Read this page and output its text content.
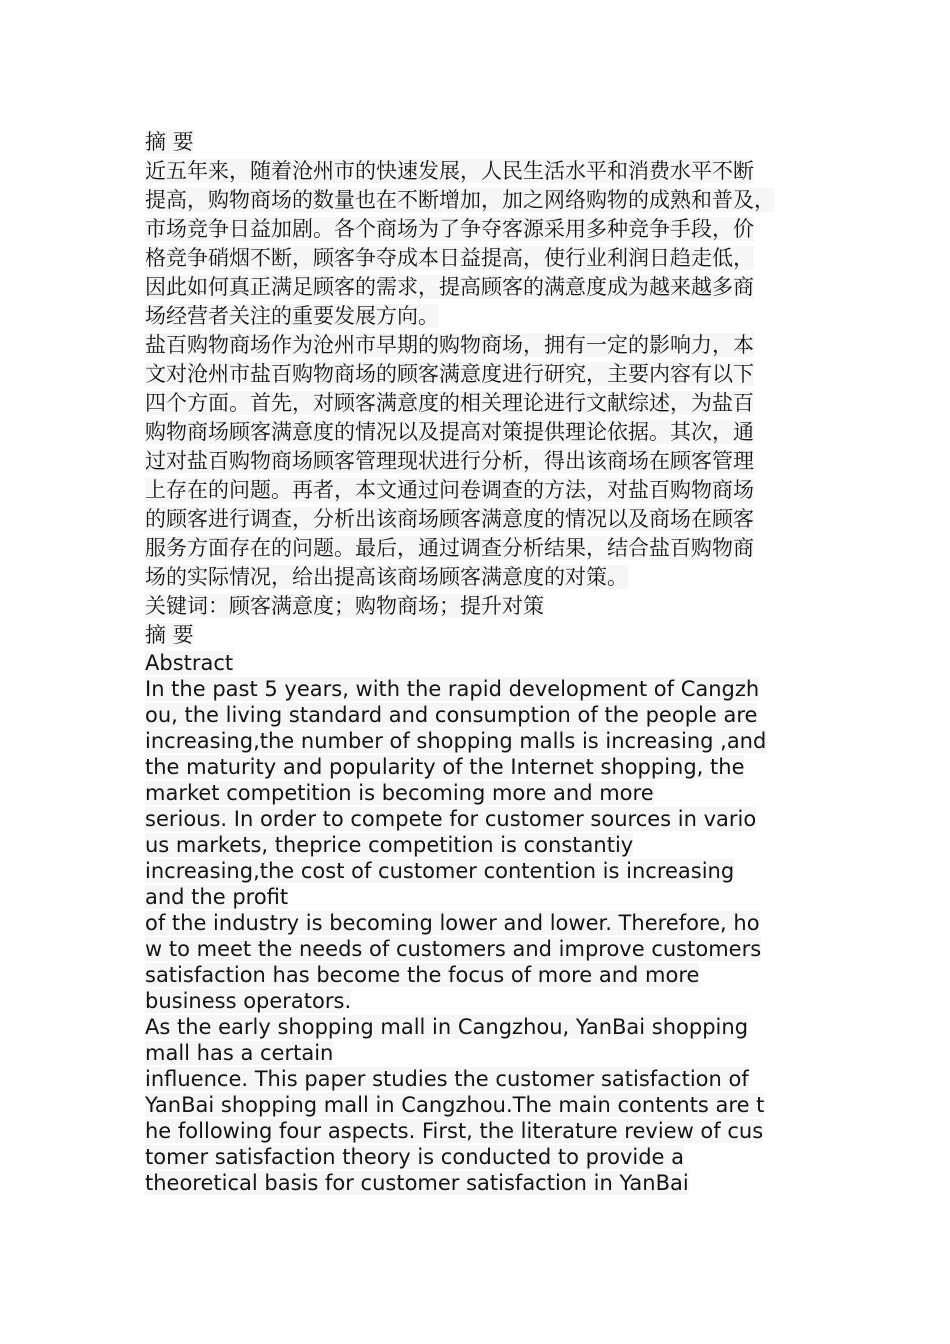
摘 要
近五年来，随着沧州市的快速发展，人民生活水平和消费水平不断
提高，购物商场的数量也在不断增加，加之网络购物的成熟和普及，
市场竞争日益加剧。各个商场为了争夺客源采用多种竞争手段，价
格竞争硝烟不断，顾客争夺成本日益提高，使行业利润日趋走低，
因此如何真正满足顾客的需求，提高顾客的满意度成为越来越多商
场经营者关注的重要发展方向。
盐百购物商场作为沧州市早期的购物商场，拥有一定的影响力，本
文对沧州市盐百购物商场的顾客满意度进行研究，主要内容有以下
四个方面。首先，对顾客满意度的相关理论进行文献综述，为盐百
购物商场顾客满意度的情况以及提高对策提供理论依据。其次，通
过对盐百购物商场顾客管理现状进行分析，得出该商场在顾客管理
上存在的问题。再者，本文通过问卷调查的方法，对盐百购物商场
的顾客进行调查，分析出该商场顾客满意度的情况以及商场在顾客
服务方面存在的问题。最后，通过调查分析结果，结合盐百购物商
场的实际情况，给出提高该商场顾客满意度的对策。
关键词：顾客满意度；购物商场；提升对策
摘 要
Abstract
In the past 5 years, with the rapid development of Cangzh
ou, the living standard and consumption of the people are
increasing,the number of shopping malls is increasing ,and
the maturity and popularity of the Internet shopping, the
market competition is becoming more and more
serious. In order to compete for customer sources in vario
us markets, theprice competition is constantiy
increasing,the cost of customer contention is increasing
and the profit
of the industry is becoming lower and lower. Therefore, ho
w to meet the needs of customers and improve customers
satisfaction has become the focus of more and more
business operators.
As the early shopping mall in Cangzhou, YanBai shopping
mall has a certain
influence. This paper studies the customer satisfaction of
YanBai shopping mall in Cangzhou.The main contents are t
he following four aspects. First, the literature review of cus
tomer satisfaction theory is conducted to provide a
theoretical basis for customer satisfaction in YanBai
